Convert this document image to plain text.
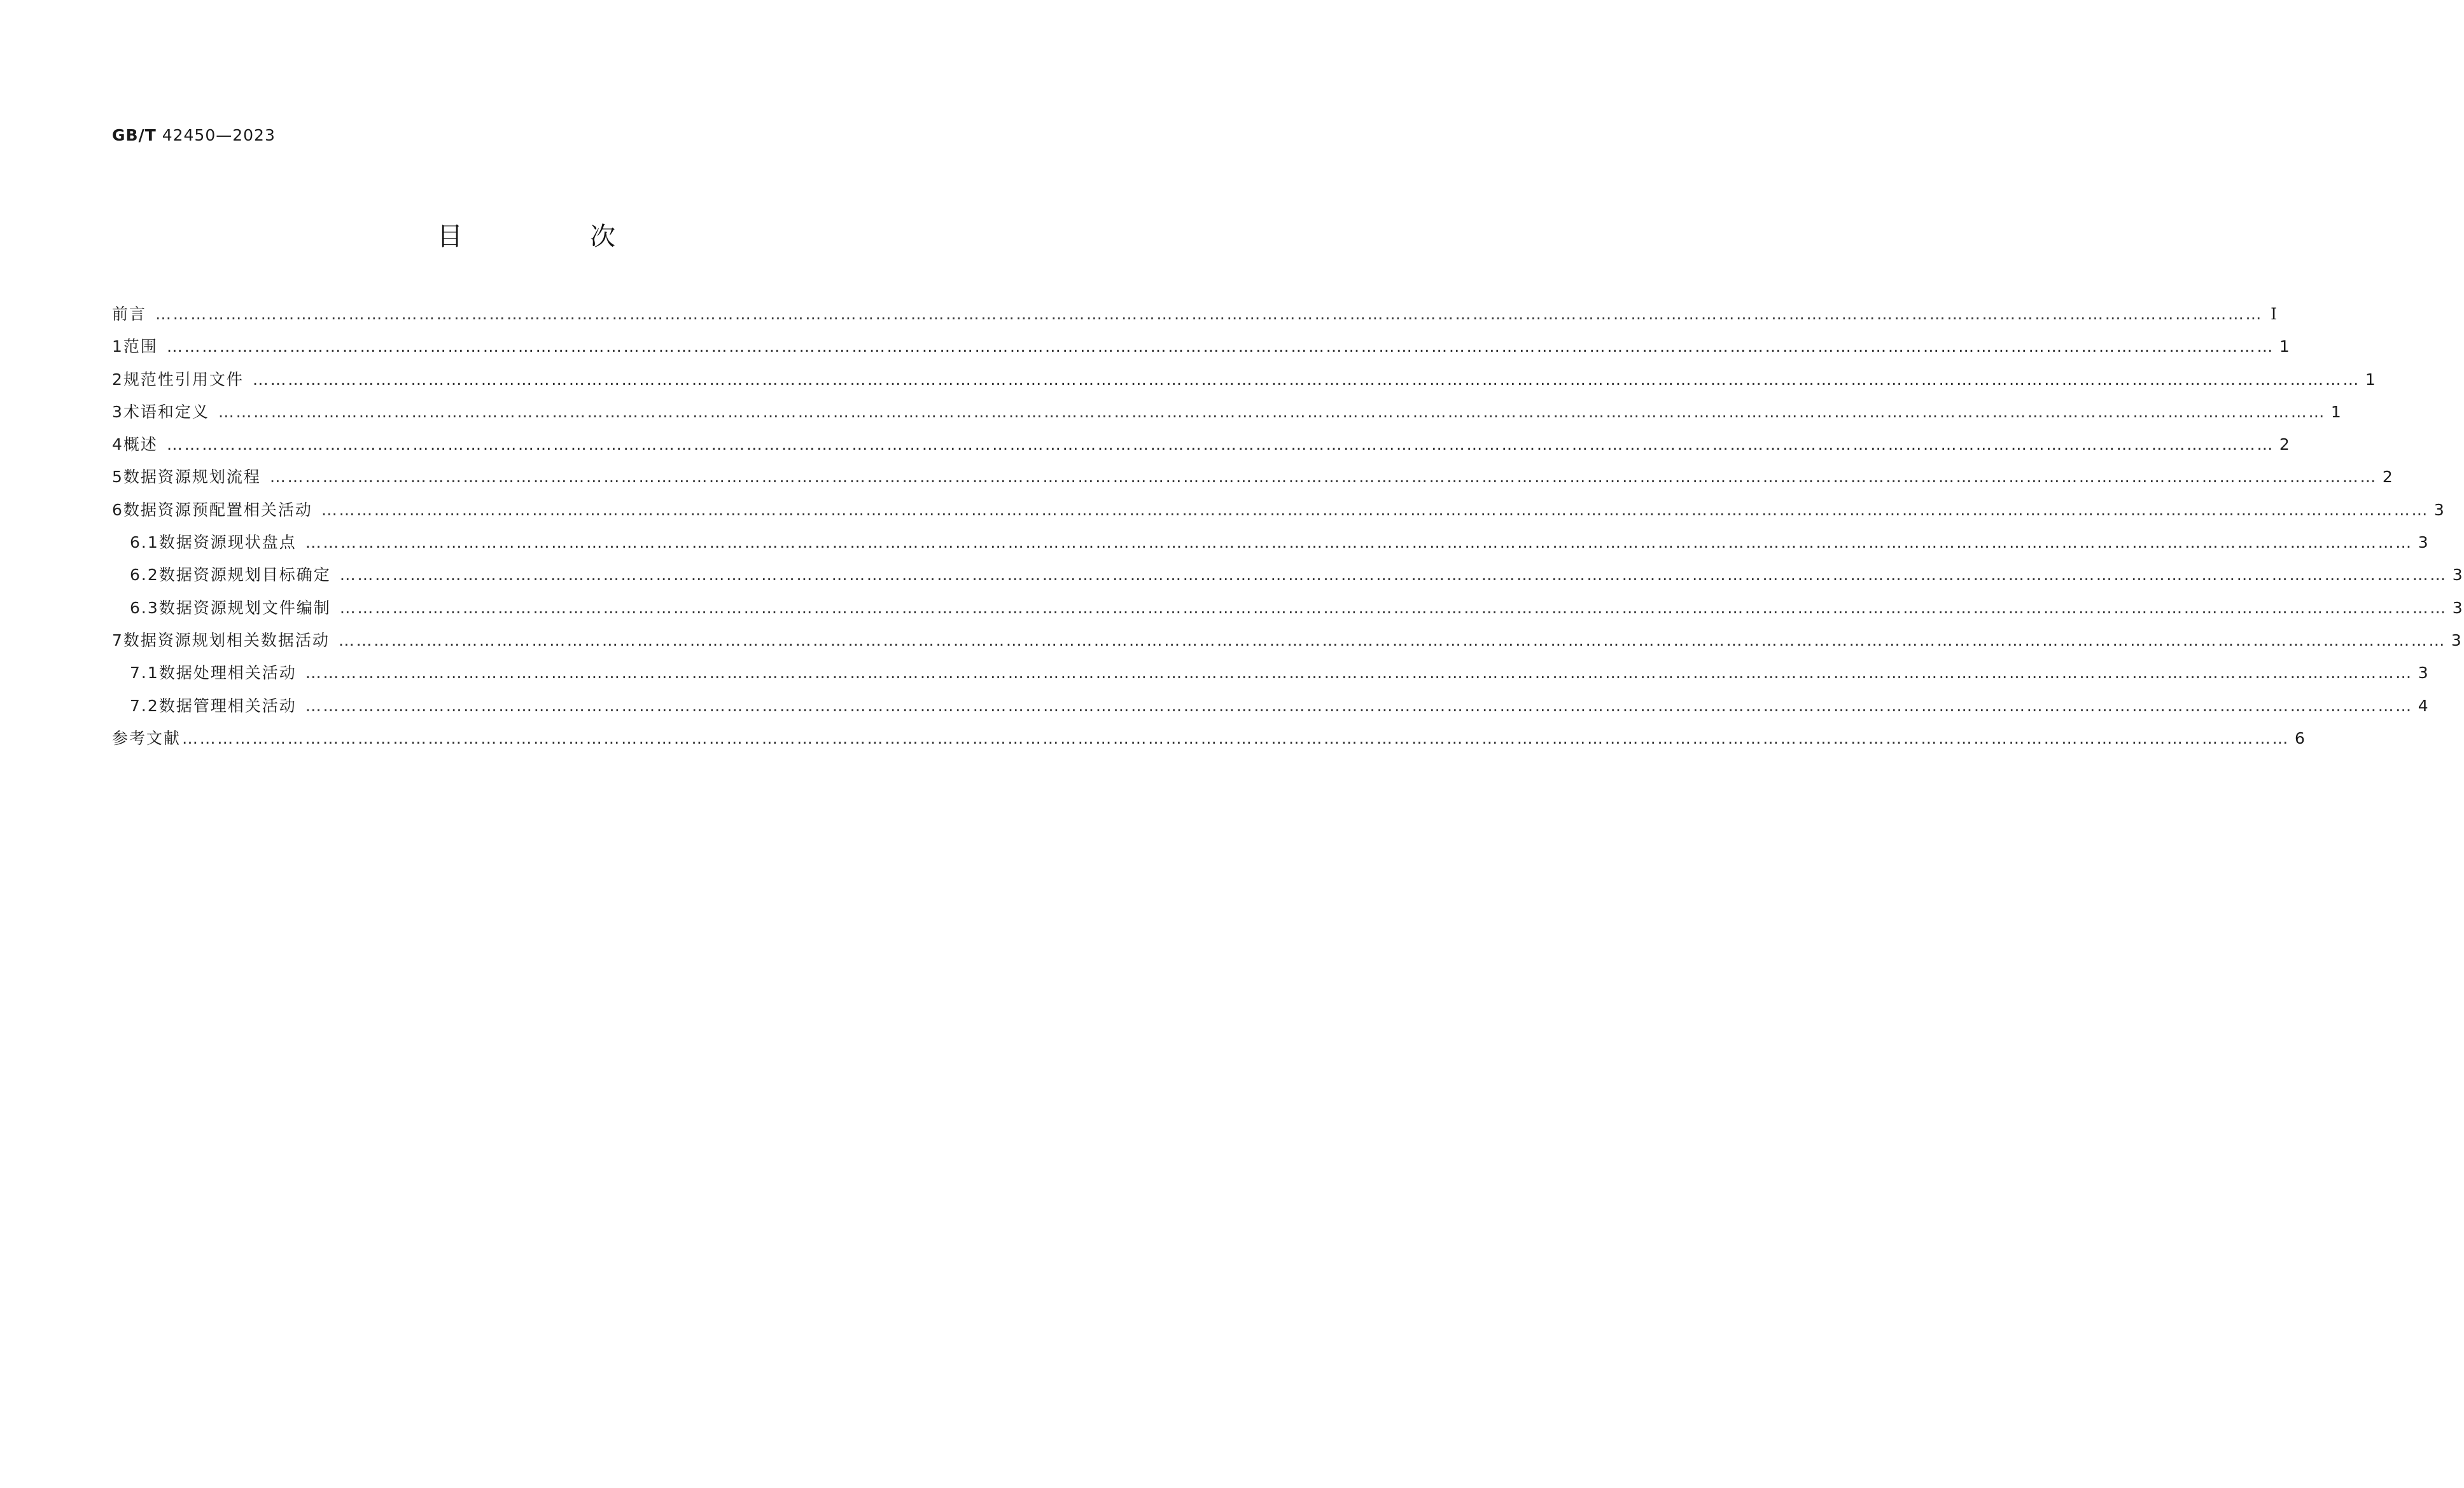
GB/T 42450—2023
目　次
前言 ……………………………………………………………………………………………………………………………………………………………………………………………………………………………………………………………………………………………………………………………… Ⅰ
1 范围 ……………………………………………………………………………………………………………………………………………………………………………………………………………………………………………………………………………………………………………………………… 1
2 规范性引用文件 ……………………………………………………………………………………………………………………………………………………………………………………………………………………………………………………………………………………………………………………………… 1
3 术语和定义 ……………………………………………………………………………………………………………………………………………………………………………………………………………………………………………………………………………………………………………………………… 1
4 概述 ……………………………………………………………………………………………………………………………………………………………………………………………………………………………………………………………………………………………………………………………… 2
5 数据资源规划流程 ……………………………………………………………………………………………………………………………………………………………………………………………………………………………………………………………………………………………………………………………… 2
6 数据资源预配置相关活动 ……………………………………………………………………………………………………………………………………………………………………………………………………………………………………………………………………………………………………………………………… 3
6.1 数据资源现状盘点 ……………………………………………………………………………………………………………………………………………………………………………………………………………………………………………………………………………………………………………………………… 3
6.2 数据资源规划目标确定 ……………………………………………………………………………………………………………………………………………………………………………………………………………………………………………………………………………………………………………………………… 3
6.3 数据资源规划文件编制 ……………………………………………………………………………………………………………………………………………………………………………………………………………………………………………………………………………………………………………………………… 3
7 数据资源规划相关数据活动 ……………………………………………………………………………………………………………………………………………………………………………………………………………………………………………………………………………………………………………………………… 3
7.1 数据处理相关活动 ……………………………………………………………………………………………………………………………………………………………………………………………………………………………………………………………………………………………………………………………… 3
7.2 数据管理相关活动 ……………………………………………………………………………………………………………………………………………………………………………………………………………………………………………………………………………………………………………………………… 4
参考文献 ……………………………………………………………………………………………………………………………………………………………………………………………………………………………………………………………………………………………………………………………… 6
